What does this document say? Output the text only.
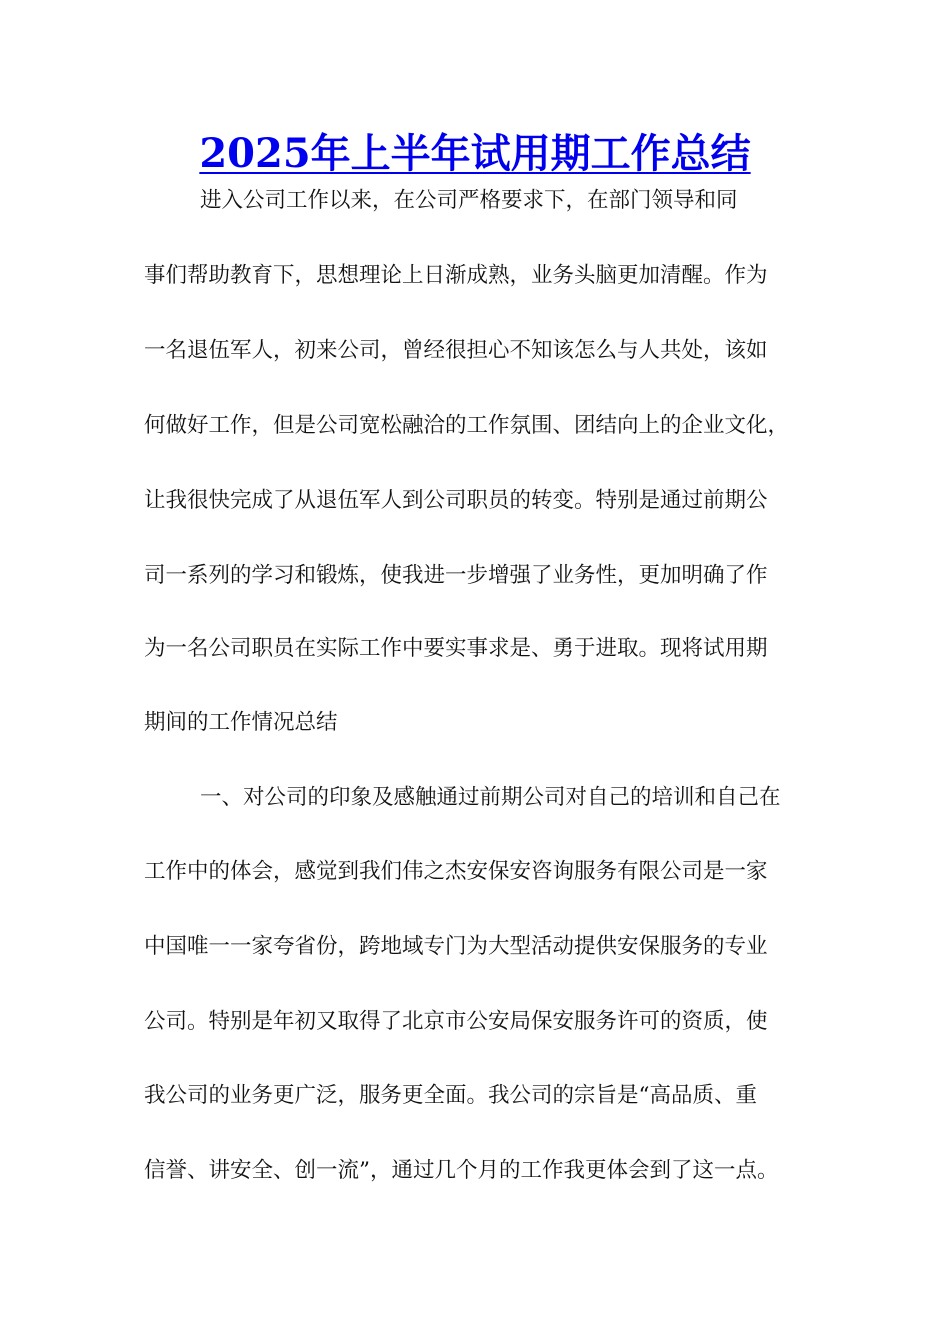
2025年上半年试用期工作总结

进入公司工作以来，在公司严格要求下，在部门领导和同

事们帮助教育下，思想理论上日渐成熟，业务头脑更加清醒。作为

一名退伍军人，初来公司，曾经很担心不知该怎么与人共处，该如

何做好工作，但是公司宽松融洽的工作氛围、团结向上的企业文化，

让我很快完成了从退伍军人到公司职员的转变。特别是通过前期公

司一系列的学习和锻炼，使我进一步增强了业务性，更加明确了作

为一名公司职员在实际工作中要实事求是、勇于进取。现将试用期

期间的工作情况总结

一、对公司的印象及感触通过前期公司对自己的培训和自己在

工作中的体会，感觉到我们伟之杰安保安咨询服务有限公司是一家

中国唯一一家夸省份，跨地域专门为大型活动提供安保服务的专业

公司。特别是年初又取得了北京市公安局保安服务许可的资质，使

我公司的业务更广泛，服务更全面。我公司的宗旨是“高品质、重

信誉、讲安全、创一流”，通过几个月的工作我更体会到了这一点。
